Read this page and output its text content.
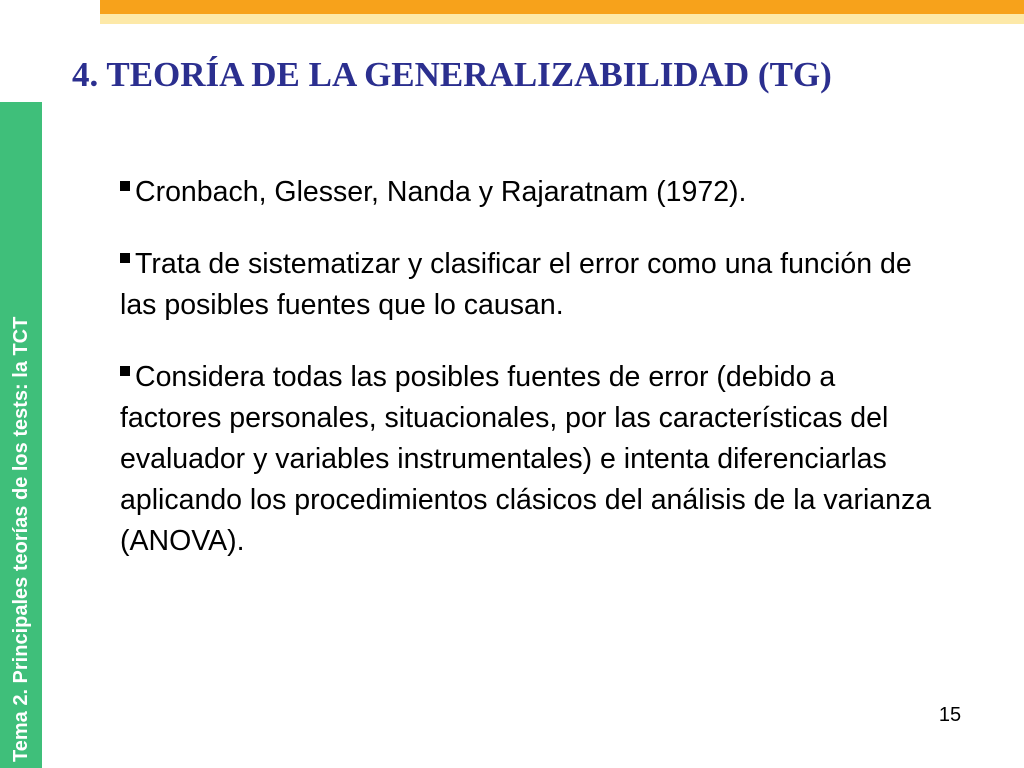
Tema 2. Principales teorías de los tests: la TCT
4. TEORÍA DE LA GENERALIZABILIDAD (TG)

Cronbach, Glesser, Nanda y Rajaratnam (1972).

Trata de sistematizar y clasificar el error como una función de las posibles fuentes que lo causan.

Considera todas las posibles fuentes de error (debido a factores personales, situacionales, por las características del evaluador y variables instrumentales) e intenta diferenciarlas aplicando los procedimientos clásicos del análisis de la varianza (ANOVA).

15
